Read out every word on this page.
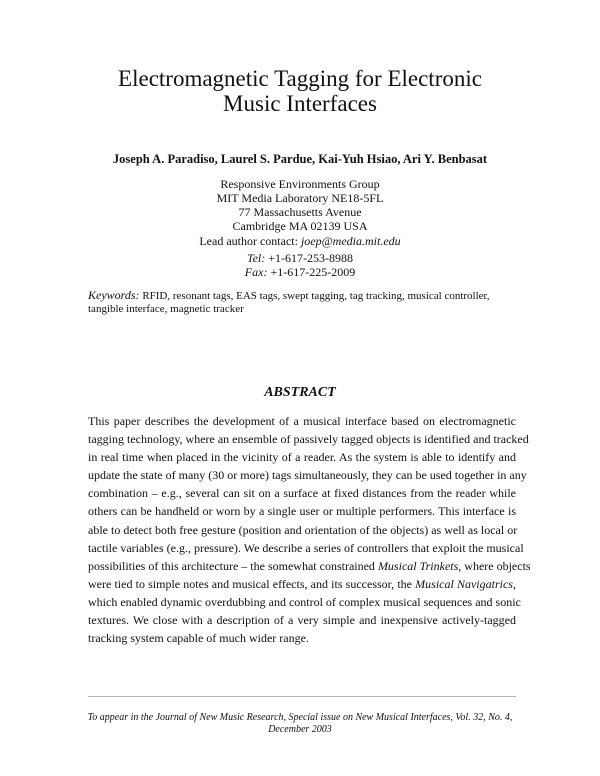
Electromagnetic Tagging for Electronic
Music Interfaces
Joseph A. Paradiso, Laurel S. Pardue, Kai-Yuh Hsiao, Ari Y. Benbasat
Responsive Environments Group
MIT Media Laboratory NE18-5FL
77 Massachusetts Avenue
Cambridge MA 02139 USA
Lead author contact: joep@media.mit.edu
Tel: +1-617-253-8988
Fax: +1-617-225-2009
Keywords: RFID, resonant tags, EAS tags, swept tagging, tag tracking, musical controller, tangible interface, magnetic tracker
ABSTRACT
This paper describes the development of a musical interface based on electromagnetic
tagging technology, where an ensemble of passively tagged objects is identified and tracked
in real time when placed in the vicinity of a reader. As the system is able to identify and
update the state of many (30 or more) tags simultaneously, they can be used together in any
combination – e.g., several can sit on a surface at fixed distances from the reader while
others can be handheld or worn by a single user or multiple performers. This interface is
able to detect both free gesture (position and orientation of the objects) as well as local or
tactile variables (e.g., pressure). We describe a series of controllers that exploit the musical
possibilities of this architecture – the somewhat constrained Musical Trinkets, where objects
were tied to simple notes and musical effects, and its successor, the Musical Navigatrics,
which enabled dynamic overdubbing and control of complex musical sequences and sonic
textures. We close with a description of a very simple and inexpensive actively-tagged
tracking system capable of much wider range.
To appear in the Journal of New Music Research, Special issue on New Musical Interfaces, Vol. 32, No. 4,
December 2003
